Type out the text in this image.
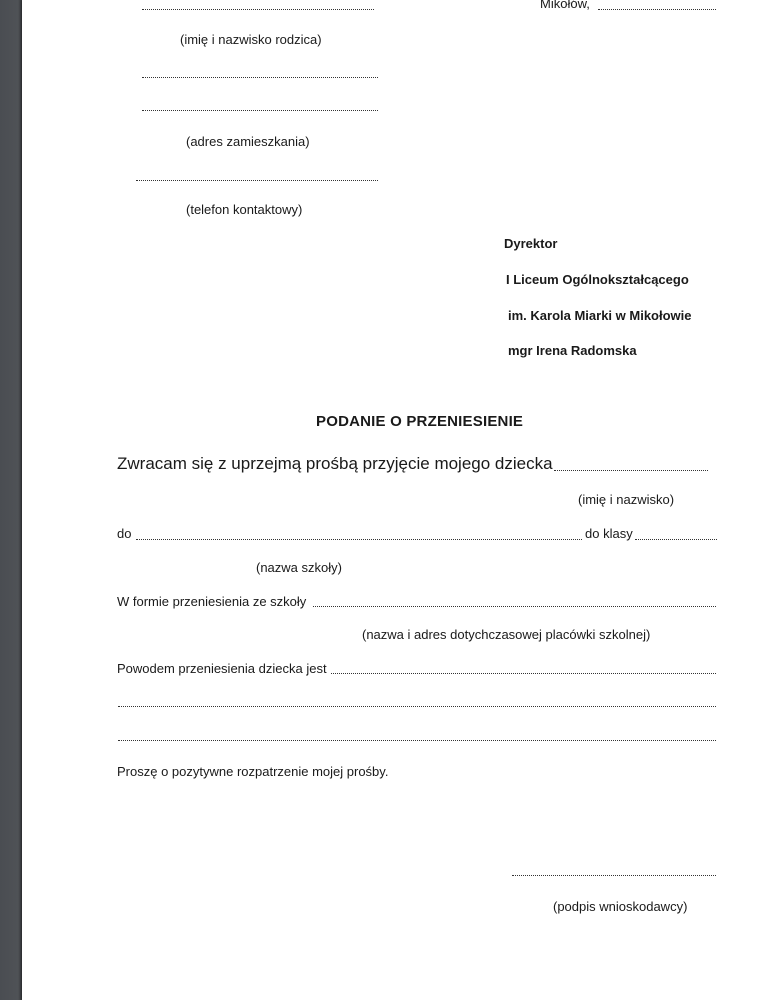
(imię i nazwisko rodzica)
(adres zamieszkania)
(telefon kontaktowy)
Mikołów,
Dyrektor
I Liceum Ogólnokształcącego
im. Karola Miarki w Mikołowie
mgr Irena Radomska
PODANIE O PRZENIESIENIE
Zwracam się z uprzejmą prośbą przyjęcie mojego dziecka
(imię i nazwisko)
do	do klasy
(nazwa szkoły)
W formie przeniesienia ze szkoły
(nazwa i adres dotychczasowej placówki szkolnej)
Powodem przeniesienia dziecka jest
Proszę o pozytywne rozpatrzenie mojej prośby.
(podpis wnioskodawcy)
